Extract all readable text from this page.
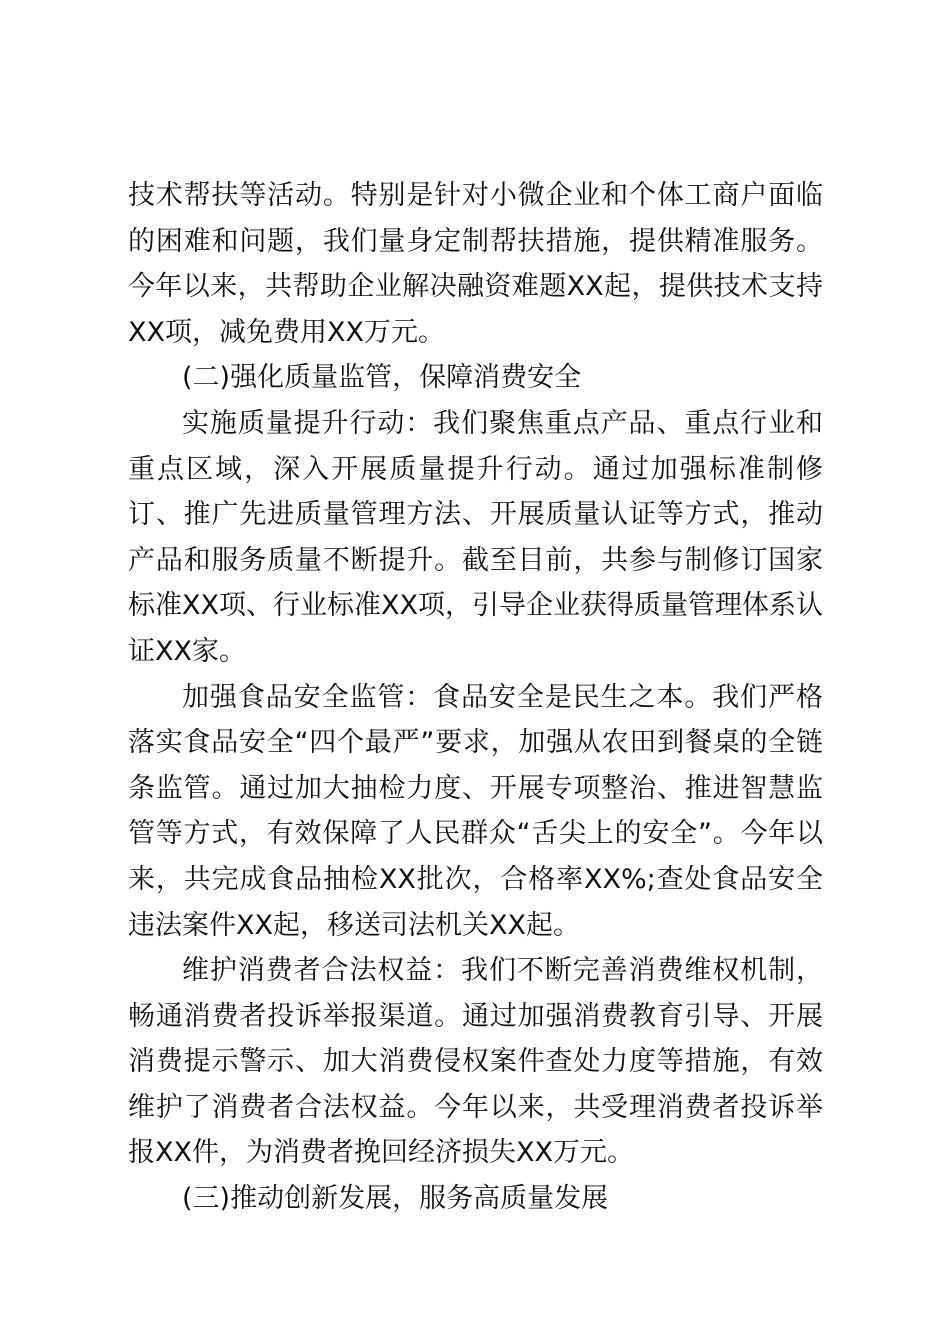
技术帮扶等活动。特别是针对小微企业和个体工商户面临的困难和问题，我们量身定制帮扶措施，提供精准服务。今年以来，共帮助企业解决融资难题XX起，提供技术支持XX项，减免费用XX万元。

(二)强化质量监管，保障消费安全

实施质量提升行动：我们聚焦重点产品、重点行业和重点区域，深入开展质量提升行动。通过加强标准制修订、推广先进质量管理方法、开展质量认证等方式，推动产品和服务质量不断提升。截至目前，共参与制修订国家标准XX项、行业标准XX项，引导企业获得质量管理体系认证XX家。

加强食品安全监管：食品安全是民生之本。我们严格落实食品安全“四个最严”要求，加强从农田到餐桌的全链条监管。通过加大抽检力度、开展专项整治、推进智慧监管等方式，有效保障了人民群众“舌尖上的安全”。今年以来，共完成食品抽检XX批次，合格率XX%;查处食品安全违法案件XX起，移送司法机关XX起。

维护消费者合法权益：我们不断完善消费维权机制，畅通消费者投诉举报渠道。通过加强消费教育引导、开展消费提示警示、加大消费侵权案件查处力度等措施，有效维护了消费者合法权益。今年以来，共受理消费者投诉举报XX件，为消费者挽回经济损失XX万元。

(三)推动创新发展，服务高质量发展
